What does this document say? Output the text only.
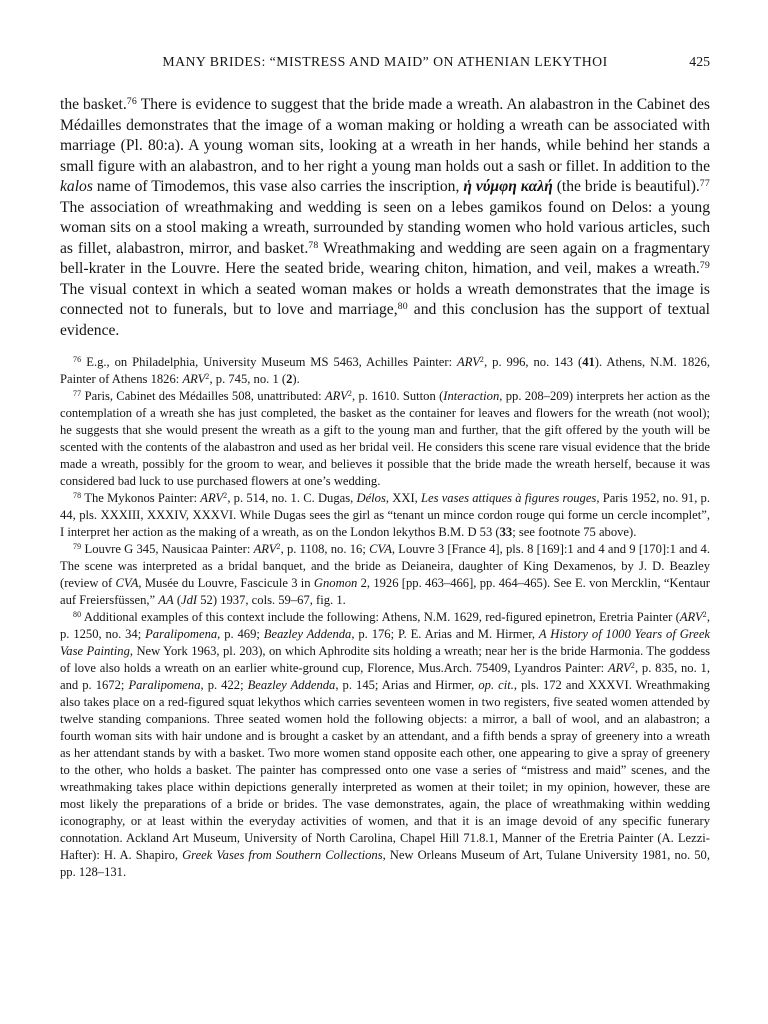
MANY BRIDES: “MISTRESS AND MAID” ON ATHENIAN LEKYTHOI	425

the basket.$^{76}$ There is evidence to suggest that the bride made a wreath. An alabastron in the Cabinet des Médailles demonstrates that the image of a woman making or holding a wreath can be associated with marriage (Pl. 80:a). A young woman sits, looking at a wreath in her hands, while behind her stands a small figure with an alabastron, and to her right a young man holds out a sash or fillet. In addition to the kalos name of Timodemos, this vase also carries the inscription, ἡ νύμφη καλή (the bride is beautiful).$^{77}$ The association of wreathmaking and wedding is seen on a lebes gamikos found on Delos: a young woman sits on a stool making a wreath, surrounded by standing women who hold various articles, such as fillet, alabastron, mirror, and basket.$^{78}$ Wreathmaking and wedding are seen again on a fragmentary bell-krater in the Louvre. Here the seated bride, wearing chiton, himation, and veil, makes a wreath.$^{79}$ The visual context in which a seated woman makes or holds a wreath demonstrates that the image is connected not to funerals, but to love and marriage,$^{80}$ and this conclusion has the support of textual evidence.

$^{76}$ E.g., on Philadelphia, University Museum MS 5463, Achilles Painter: ARV$^2$, p. 996, no. 143 (41). Athens, N.M. 1826, Painter of Athens 1826: ARV$^2$, p. 745, no. 1 (2).

$^{77}$ Paris, Cabinet des Médailles 508, unattributed: ARV$^2$, p. 1610. Sutton (Interaction, pp. 208–209) interprets her action as the contemplation of a wreath she has just completed, the basket as the container for leaves and flowers for the wreath (not wool); he suggests that she would present the wreath as a gift to the young man and further, that the gift offered by the youth will be scented with the contents of the alabastron and used as her bridal veil. He considers this scene rare visual evidence that the bride made a wreath, possibly for the groom to wear, and believes it possible that the bride made the wreath herself, because it was considered bad luck to use purchased flowers at one’s wedding.

$^{78}$ The Mykonos Painter: ARV$^2$, p. 514, no. 1. C. Dugas, Délos, XXI, Les vases attiques à figures rouges, Paris 1952, no. 91, p. 44, pls. XXXIII, XXXIV, XXXVI. While Dugas sees the girl as “tenant un mince cordon rouge qui forme un cercle incomplet”, I interpret her action as the making of a wreath, as on the London lekythos B.M. D 53 (33; see footnote 75 above).

$^{79}$ Louvre G 345, Nausicaa Painter: ARV$^2$, p. 1108, no. 16; CVA, Louvre 3 [France 4], pls. 8 [169]:1 and 4 and 9 [170]:1 and 4. The scene was interpreted as a bridal banquet, and the bride as Deianeira, daughter of King Dexamenos, by J. D. Beazley (review of CVA, Musée du Louvre, Fascicule 3 in Gnomon 2, 1926 [pp. 463–466], pp. 464–465). See E. von Mercklin, “Kentaur auf Freiersfüssen,” AA (JdI 52) 1937, cols. 59–67, fig. 1.

$^{80}$ Additional examples of this context include the following: Athens, N.M. 1629, red-figured epinetron, Eretria Painter (ARV$^2$, p. 1250, no. 34; Paralipomena, p. 469; Beazley Addenda, p. 176; P. E. Arias and M. Hirmer, A History of 1000 Years of Greek Vase Painting, New York 1963, pl. 203), on which Aphrodite sits holding a wreath; near her is the bride Harmonia. The goddess of love also holds a wreath on an earlier white-ground cup, Florence, Mus.Arch. 75409, Lyandros Painter: ARV$^2$, p. 835, no. 1, and p. 1672; Paralipomena, p. 422; Beazley Addenda, p. 145; Arias and Hirmer, op. cit., pls. 172 and XXXVI. Wreathmaking also takes place on a red-figured squat lekythos which carries seventeen women in two registers, five seated women attended by twelve standing companions. Three seated women hold the following objects: a mirror, a ball of wool, and an alabastron; a fourth woman sits with hair undone and is brought a casket by an attendant, and a fifth bends a spray of greenery into a wreath as her attendant stands by with a basket. Two more women stand opposite each other, one appearing to give a spray of greenery to the other, who holds a basket. The painter has compressed onto one vase a series of “mistress and maid” scenes, and the wreathmaking takes place within depictions generally interpreted as women at their toilet; in my opinion, however, these are most likely the preparations of a bride or brides. The vase demonstrates, again, the place of wreathmaking within wedding iconography, or at least within the everyday activities of women, and that it is an image devoid of any specific funerary connotation. Ackland Art Museum, University of North Carolina, Chapel Hill 71.8.1, Manner of the Eretria Painter (A. Lezzi-Hafter): H. A. Shapiro, Greek Vases from Southern Collections, New Orleans Museum of Art, Tulane University 1981, no. 50, pp. 128–131.
